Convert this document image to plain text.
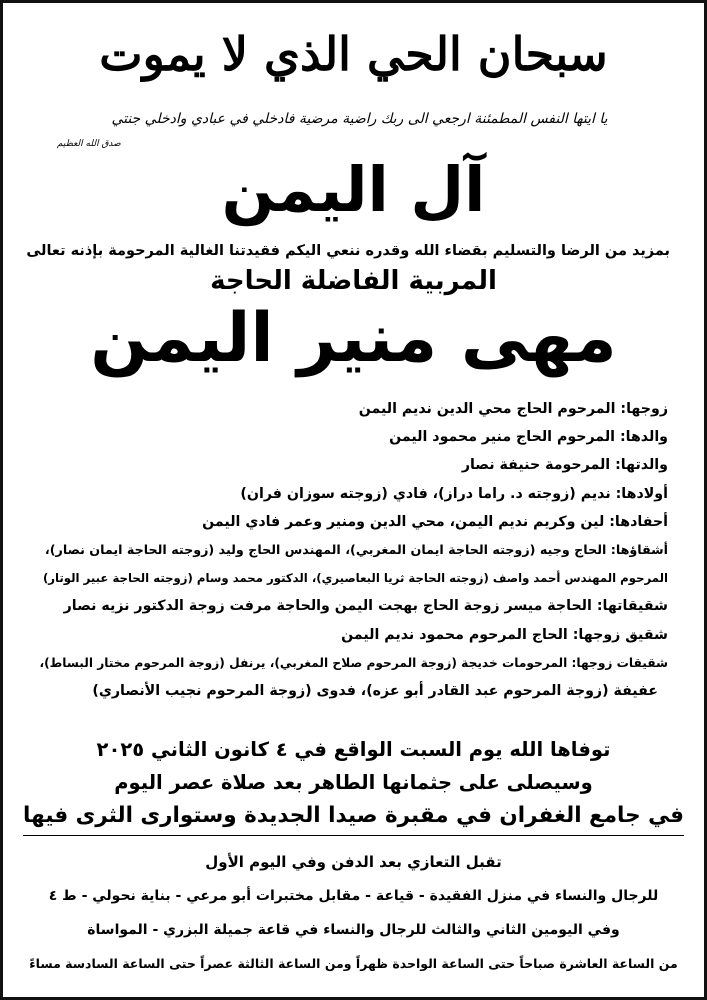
سبحان الحي الذي لا يموت
يا ايتها النفس المطمئنة ارجعي الى ربك راضية مرضية فادخلي في عبادي وادخلي جنتي
صدق الله العظيم
آل اليمن
بمزيد من الرضا والتسليم بقضاء الله وقدره ننعي اليكم فقيدتنا الغالية المرحومة بإذنه تعالى
المربية الفاضلة الحاجة
مهى منير اليمن
زوجها: المرحوم الحاج محي الدين نديم اليمن
والدها: المرحوم الحاج منير محمود اليمن
والدتها: المرحومة حنيفة نصار
أولادها: نديم (زوجته د. راما دراز)، فادي (زوجته سوزان فران)
أحفادها: لين وكريم نديم اليمن، محي الدين ومنير وعمر فادي اليمن
أشقاؤها: الحاج وجيه (زوجته الحاجة ايمان المغربي)، المهندس الحاج وليد (زوجته الحاجة ايمان نصار)،
المرحوم المهندس أحمد واصف (زوجته الحاجة ثريا البعاصيري)، الدكتور محمد وسام (زوجته الحاجة عبير الوتار)
شقيقاتها: الحاجة ميسر زوجة الحاج بهجت اليمن والحاجة مرفت زوجة الدكتور نزيه نصار
شقيق زوجها: الحاج المرحوم محمود نديم اليمن
شقيقات زوجها: المرحومات خديجة (زوجة المرحوم صلاح المغربي)، يرنفل (زوجة المرحوم مختار البساط)،
عفيفة (زوجة المرحوم عبد القادر أبو عزه)، فدوى (زوجة المرحوم نجيب الأنصاري)
توفاها الله يوم السبت الواقع في ٤ كانون الثاني ٢٠٢٥
وسيصلى على جثمانها الطاهر بعد صلاة عصر اليوم
في جامع الغفران في مقبرة صيدا الجديدة وستوارى الثرى فيها
تقبل التعازي بعد الدفن وفي اليوم الأول
للرجال والنساء في منزل الفقيدة - قياعة - مقابل مختبرات أبو مرعي - بناية نحولي - ط ٤
وفي اليومين الثاني والثالث للرجال والنساء في قاعة جميلة البزري - المواساة
من الساعة العاشرة صباحاً حتى الساعة الواحدة ظهراً ومن الساعة الثالثة عصراً حتى الساعة السادسة مساءً
